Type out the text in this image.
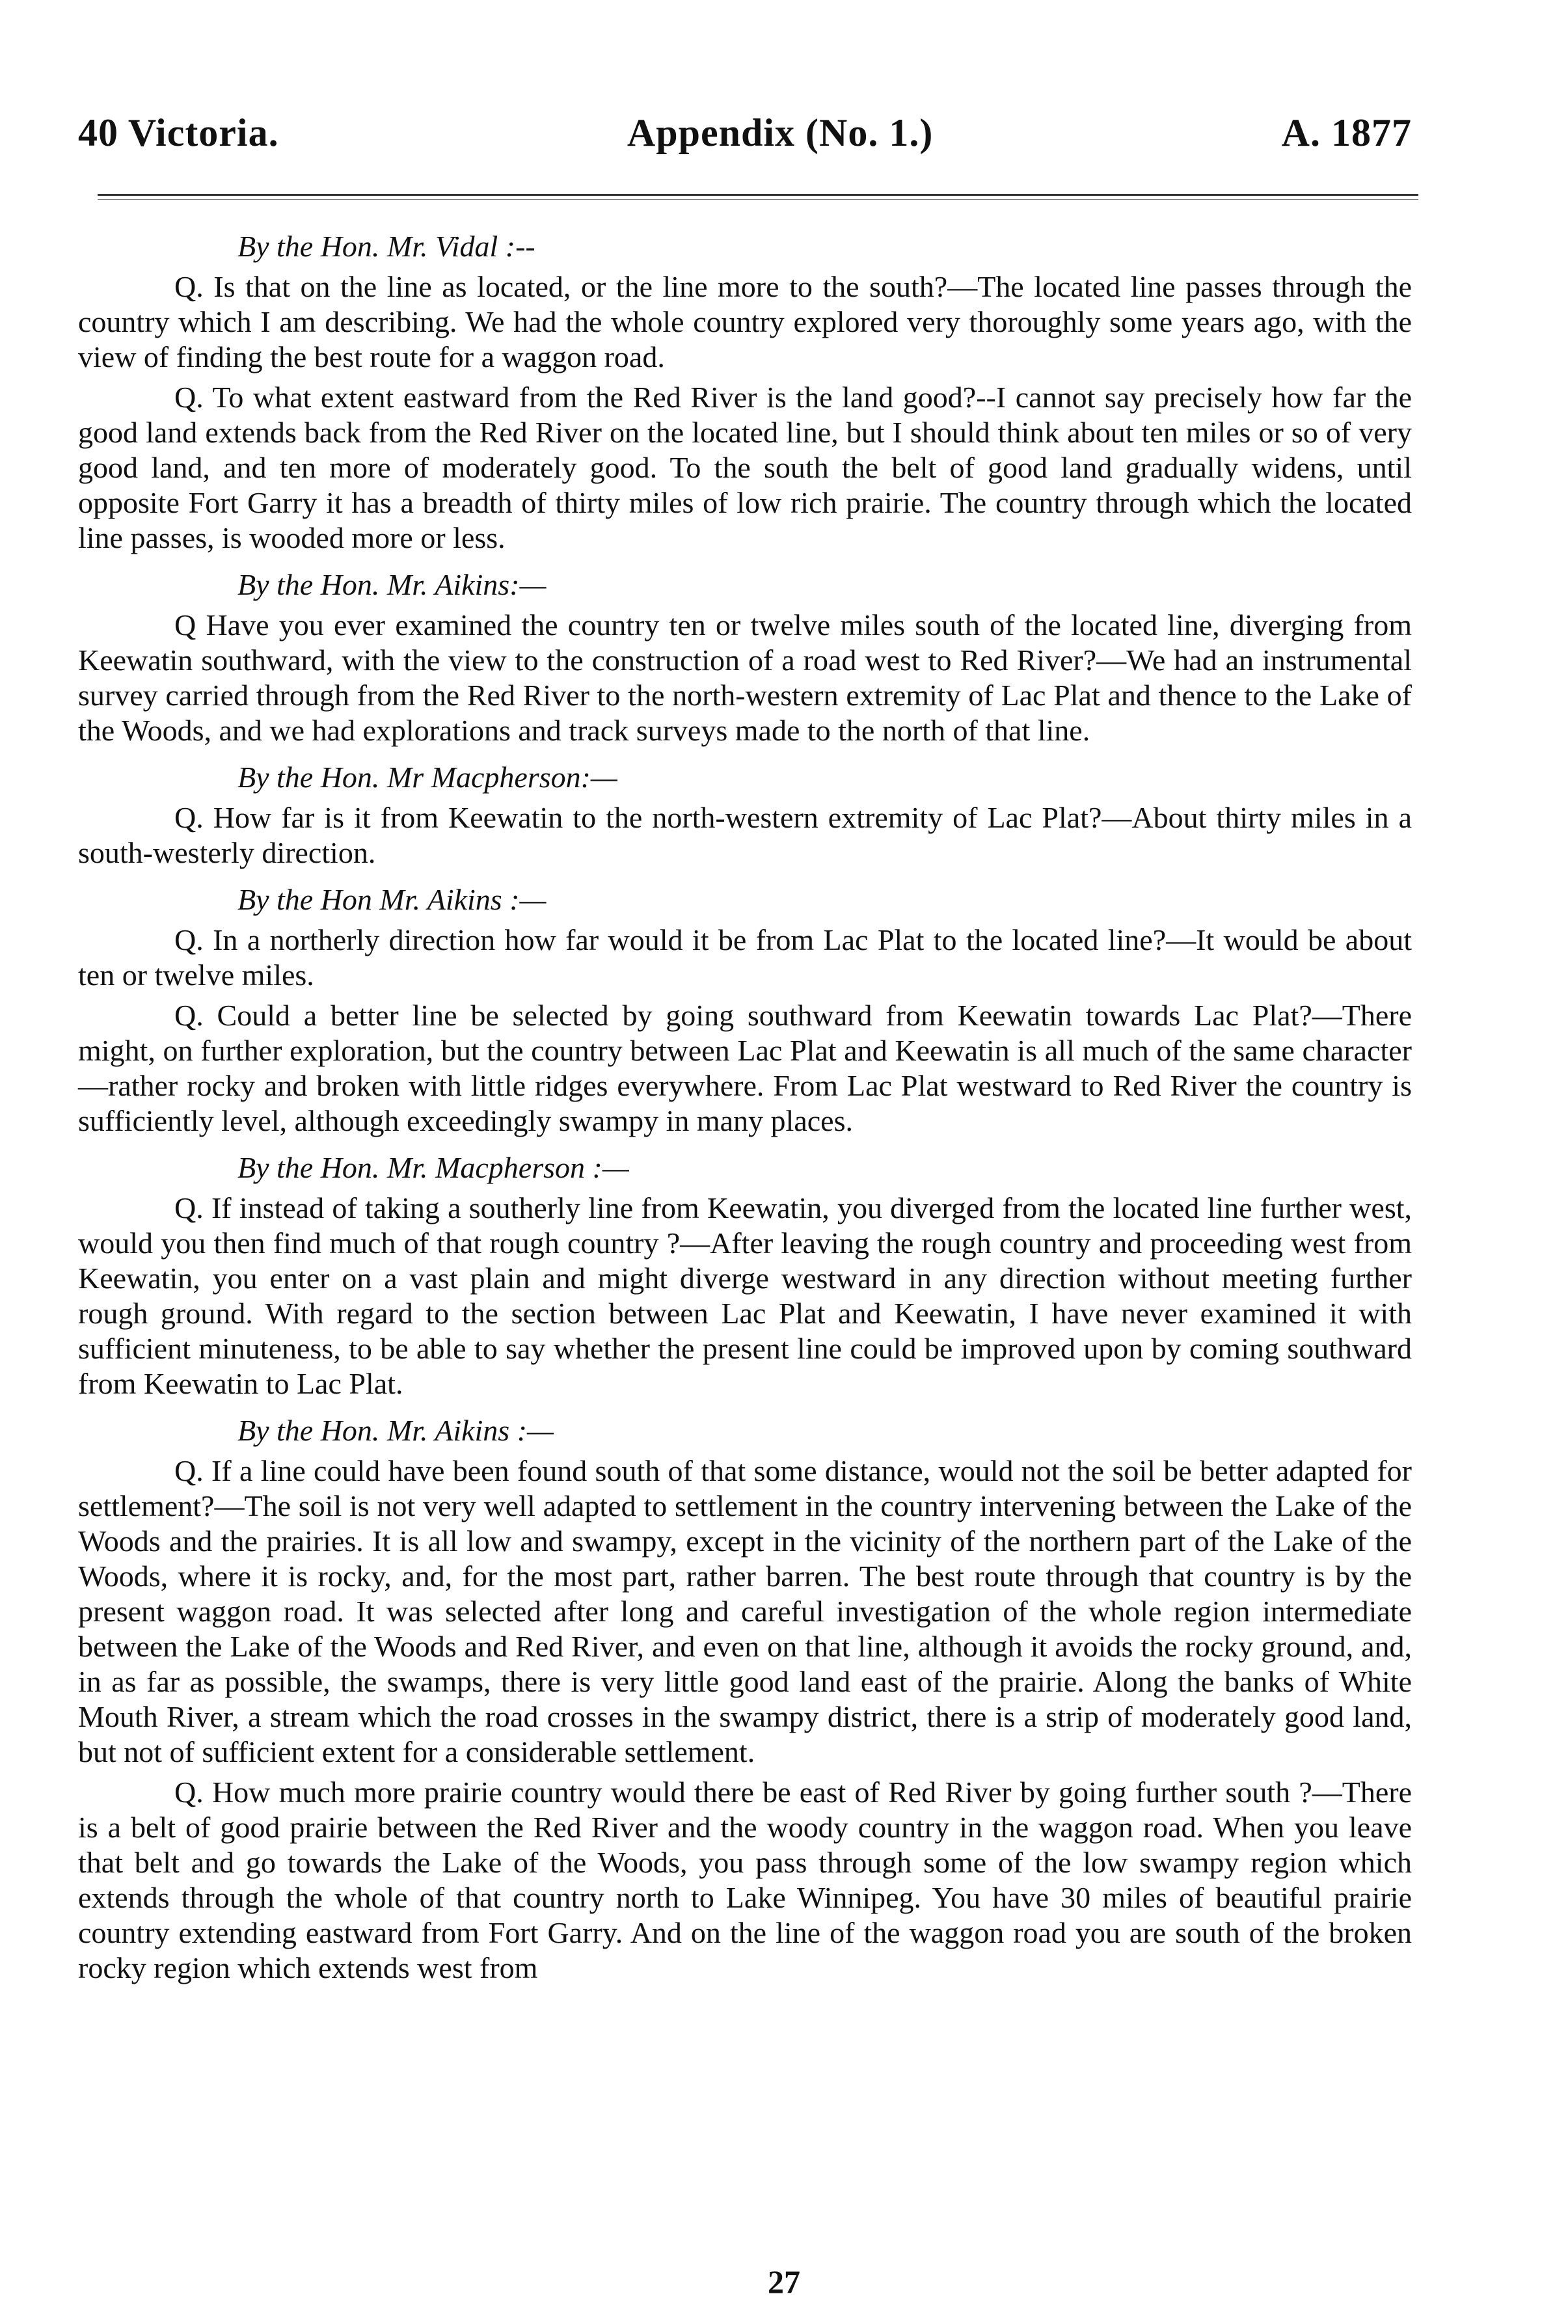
40 Victoria.	Appendix (No. 1.)	A. 1877
By the Hon. Mr. Vidal :--

Q. Is that on the line as located, or the line more to the south?—The located line passes through the country which I am describing. We had the whole country explored very thoroughly some years ago, with the view of finding the best route for a waggon road.

Q. To what extent eastward from the Red River is the land good?--I cannot say precisely how far the good land extends back from the Red River on the located line, but I should think about ten miles or so of very good land, and ten more of moderately good. To the south the belt of good land gradually widens, until opposite Fort Garry it has a breadth of thirty miles of low rich prairie. The country through which the located line passes, is wooded more or less.

By the Hon. Mr. Aikins:—

Q Have you ever examined the country ten or twelve miles south of the located line, diverging from Keewatin southward, with the view to the construction of a road west to Red River?—We had an instrumental survey carried through from the Red River to the north-western extremity of Lac Plat and thence to the Lake of the Woods, and we had explorations and track surveys made to the north of that line.

By the Hon. Mr Macpherson:—

Q. How far is it from Keewatin to the north-western extremity of Lac Plat?—About thirty miles in a south-westerly direction.

By the Hon Mr. Aikins :—

Q. In a northerly direction how far would it be from Lac Plat to the located line?—It would be about ten or twelve miles.

Q. Could a better line be selected by going southward from Keewatin towards Lac Plat?—There might, on further exploration, but the country between Lac Plat and Keewatin is all much of the same character—rather rocky and broken with little ridges everywhere. From Lac Plat westward to Red River the country is sufficiently level, although exceedingly swampy in many places.

By the Hon. Mr. Macpherson :—

Q. If instead of taking a southerly line from Keewatin, you diverged from the located line further west, would you then find much of that rough country ?—After leaving the rough country and proceeding west from Keewatin, you enter on a vast plain and might diverge westward in any direction without meeting further rough ground. With regard to the section between Lac Plat and Keewatin, I have never examined it with sufficient minuteness, to be able to say whether the present line could be improved upon by coming southward from Keewatin to Lac Plat.

By the Hon. Mr. Aikins :—

Q. If a line could have been found south of that some distance, would not the soil be better adapted for settlement?—The soil is not very well adapted to settlement in the country intervening between the Lake of the Woods and the prairies. It is all low and swampy, except in the vicinity of the northern part of the Lake of the Woods, where it is rocky, and, for the most part, rather barren. The best route through that country is by the present waggon road. It was selected after long and careful investigation of the whole region intermediate between the Lake of the Woods and Red River, and even on that line, although it avoids the rocky ground, and, in as far as possible, the swamps, there is very little good land east of the prairie. Along the banks of White Mouth River, a stream which the road crosses in the swampy district, there is a strip of moderately good land, but not of sufficient extent for a considerable settlement.

Q. How much more prairie country would there be east of Red River by going further south ?—There is a belt of good prairie between the Red River and the woody country in the waggon road. When you leave that belt and go towards the Lake of the Woods, you pass through some of the low swampy region which extends through the whole of that country north to Lake Winnipeg. You have 30 miles of beautiful prairie country extending eastward from Fort Garry. And on the line of the waggon road you are south of the broken rocky region which extends west from

27
